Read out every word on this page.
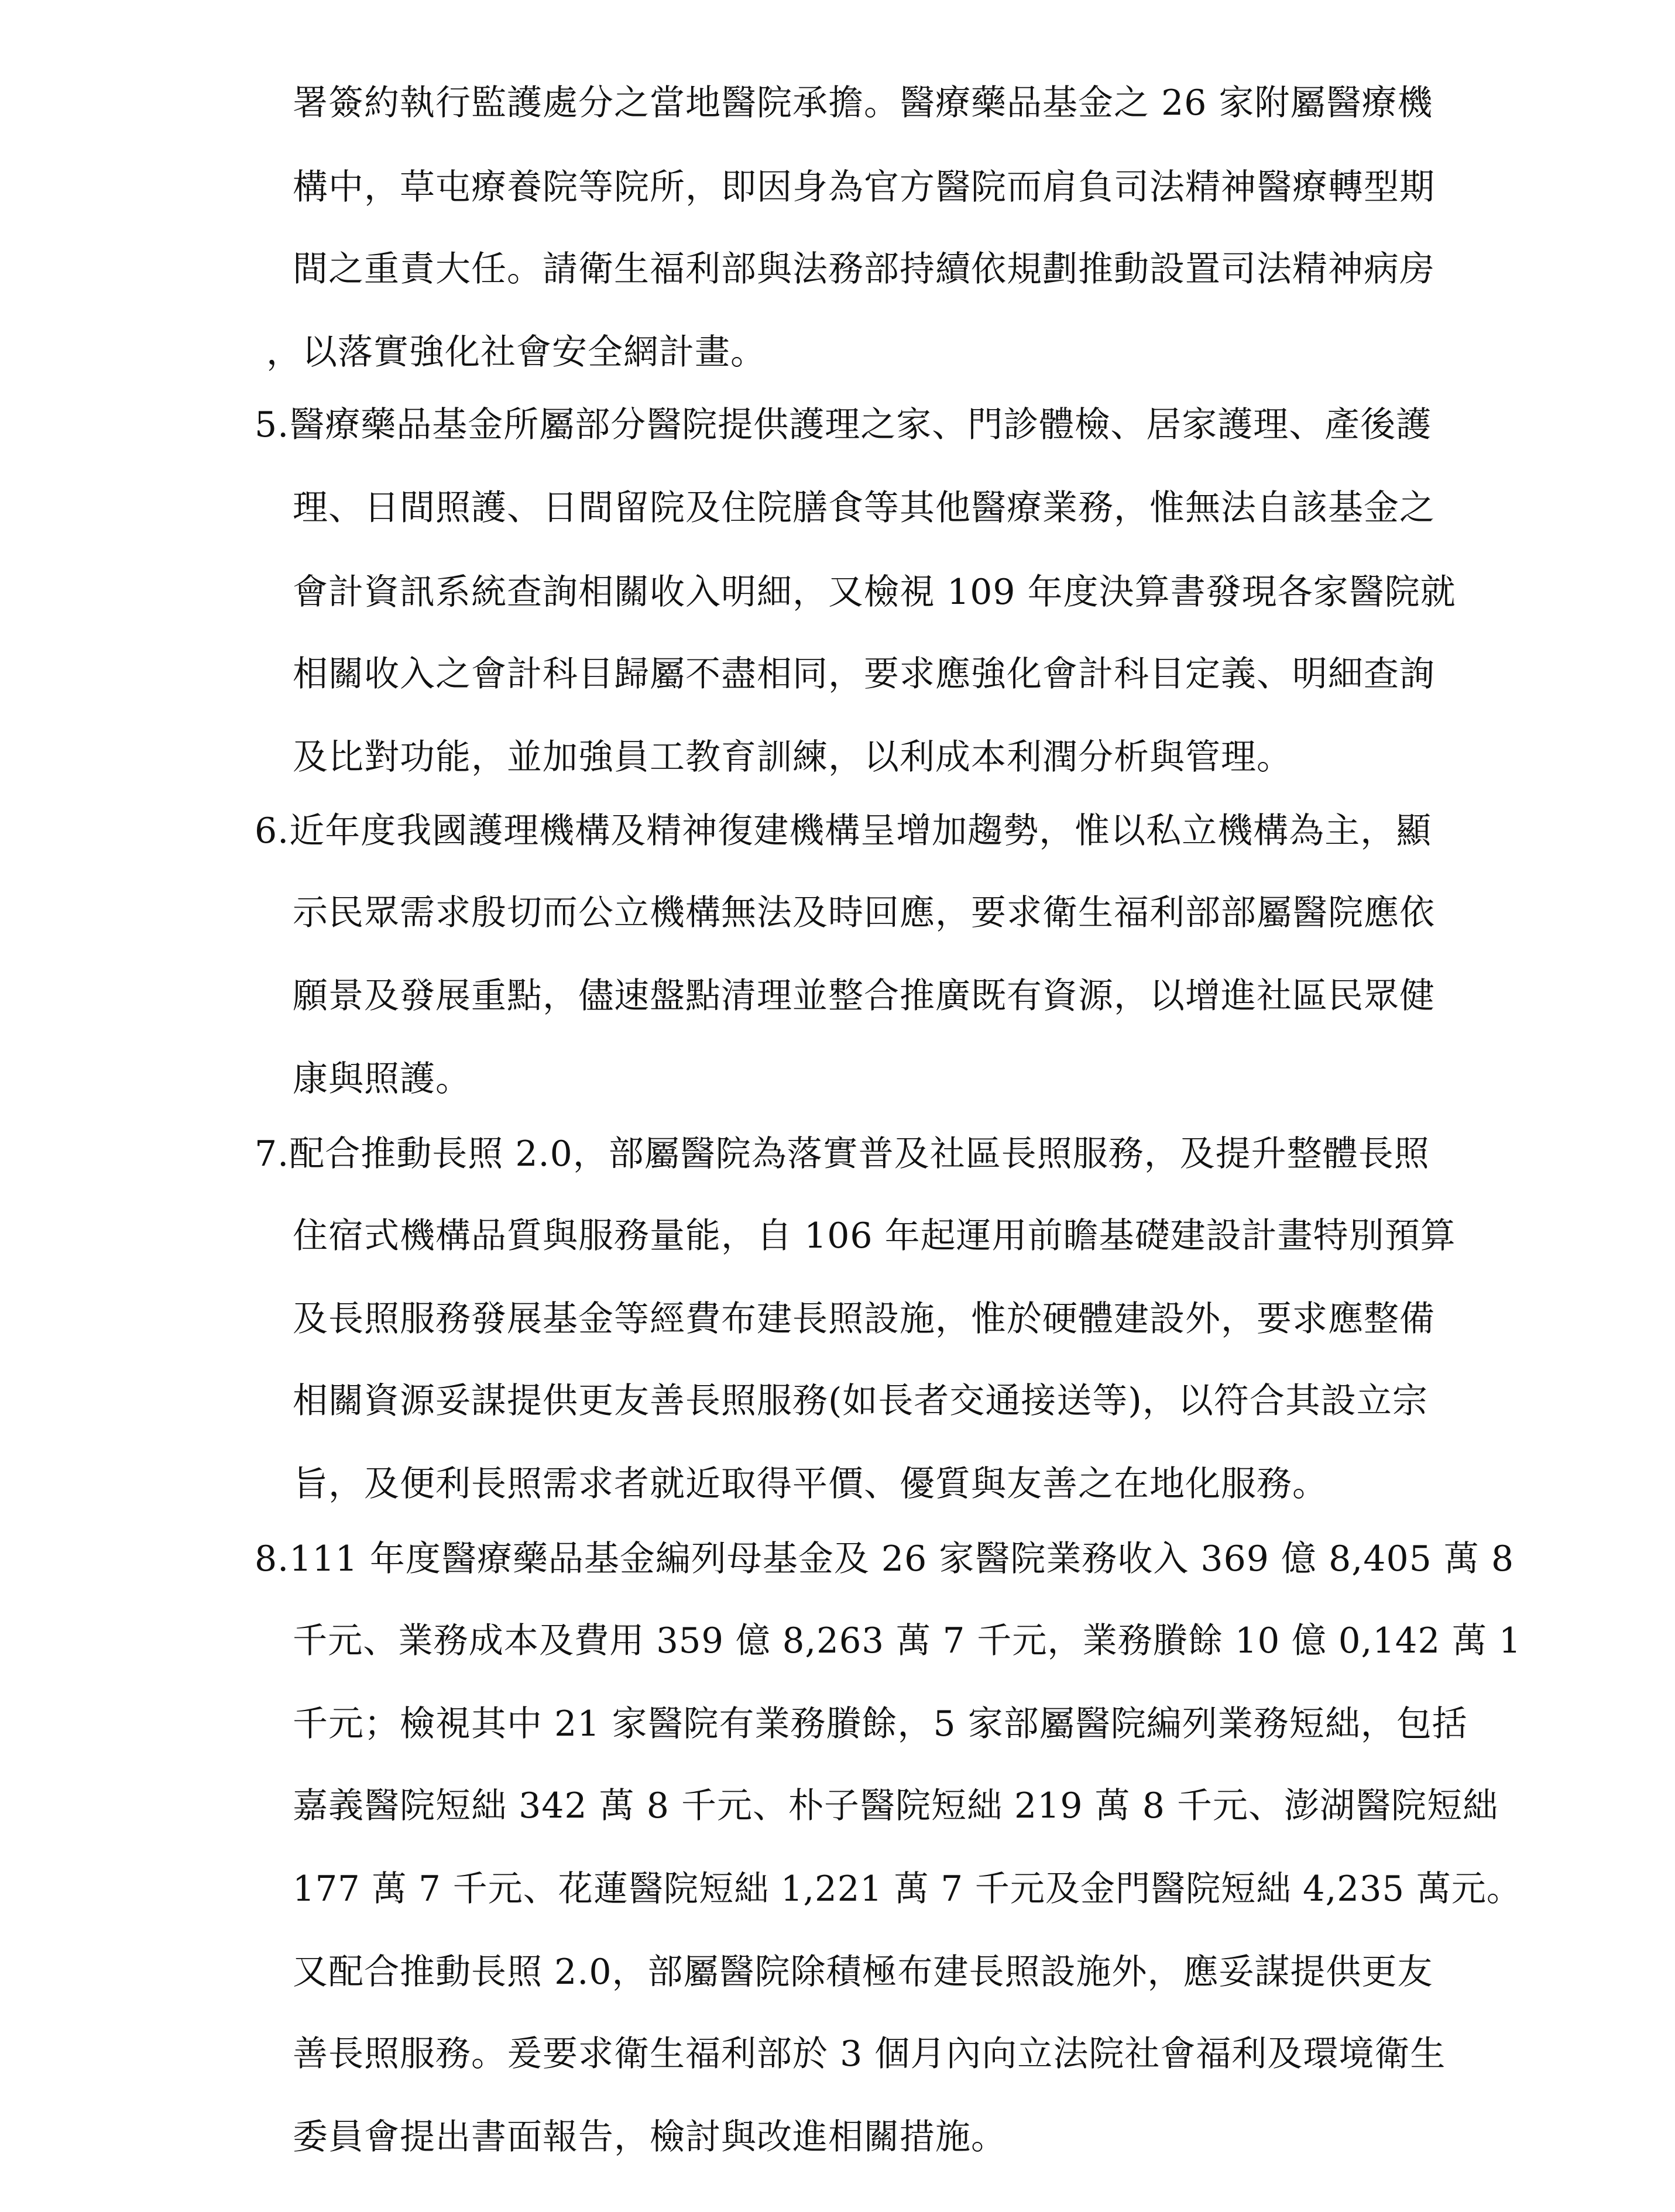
署簽約執行監護處分之當地醫院承擔。醫療藥品基金之 26 家附屬醫療機
構中，草屯療養院等院所，即因身為官方醫院而肩負司法精神醫療轉型期
間之重責大任。請衛生福利部與法務部持續依規劃推動設置司法精神病房
，以落實強化社會安全網計畫。
5.醫療藥品基金所屬部分醫院提供護理之家、門診體檢、居家護理、產後護
理、日間照護、日間留院及住院膳食等其他醫療業務，惟無法自該基金之
會計資訊系統查詢相關收入明細，又檢視 109 年度決算書發現各家醫院就
相關收入之會計科目歸屬不盡相同，要求應強化會計科目定義、明細查詢
及比對功能，並加強員工教育訓練，以利成本利潤分析與管理。
6.近年度我國護理機構及精神復建機構呈增加趨勢，惟以私立機構為主，顯
示民眾需求殷切而公立機構無法及時回應，要求衛生福利部部屬醫院應依
願景及發展重點，儘速盤點清理並整合推廣既有資源，以增進社區民眾健
康與照護。
7.配合推動長照 2.0，部屬醫院為落實普及社區長照服務，及提升整體長照
住宿式機構品質與服務量能，自 106 年起運用前瞻基礎建設計畫特別預算
及長照服務發展基金等經費布建長照設施，惟於硬體建設外，要求應整備
相關資源妥謀提供更友善長照服務(如長者交通接送等)，以符合其設立宗
旨，及便利長照需求者就近取得平價、優質與友善之在地化服務。
8.111 年度醫療藥品基金編列母基金及 26 家醫院業務收入 369 億 8,405 萬 8
千元、業務成本及費用 359 億 8,263 萬 7 千元，業務賸餘 10 億 0,142 萬 1
千元；檢視其中 21 家醫院有業務賸餘，5 家部屬醫院編列業務短絀，包括
嘉義醫院短絀 342 萬 8 千元、朴子醫院短絀 219 萬 8 千元、澎湖醫院短絀
177 萬 7 千元、花蓮醫院短絀 1,221 萬 7 千元及金門醫院短絀 4,235 萬元。
又配合推動長照 2.0，部屬醫院除積極布建長照設施外，應妥謀提供更友
善長照服務。爰要求衛生福利部於 3 個月內向立法院社會福利及環境衛生
委員會提出書面報告，檢討與改進相關措施。
